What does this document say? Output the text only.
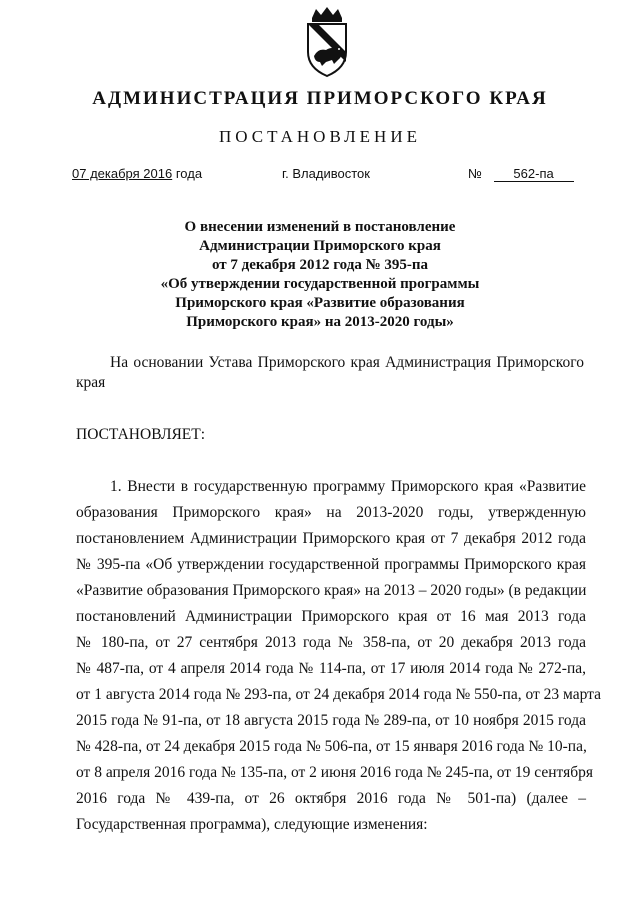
АДМИНИСТРАЦИЯ ПРИМОРСКОГО КРАЯ
ПОСТАНОВЛЕНИЕ
07 декабря 2016 года	г. Владивосток	№ 562-па
О внесении изменений в постановление
Администрации Приморского края
от 7 декабря 2012 года № 395-па
«Об утверждении государственной программы
Приморского края «Развитие образования
Приморского края» на 2013-2020 годы»
На основании Устава Приморского края Администрация Приморского края
ПОСТАНОВЛЯЕТ:
1. Внести в государственную программу Приморского края «Развитие
образования Приморского края» на 2013-2020 годы, утвержденную
постановлением Администрации Приморского края от 7 декабря 2012 года
№ 395-па «Об утверждении государственной программы Приморского края
«Развитие образования Приморского края» на 2013 – 2020 годы» (в редакции
постановлений Администрации Приморского края от 16 мая 2013 года
№ 180-па, от 27 сентября 2013 года № 358-па, от 20 декабря 2013 года
№ 487-па, от 4 апреля 2014 года № 114-па, от 17 июля 2014 года № 272-па,
от 1 августа 2014 года № 293-па, от 24 декабря 2014 года № 550-па, от 23 марта
2015 года № 91-па, от 18 августа 2015 года № 289-па, от 10 ноября 2015 года
№ 428-па, от 24 декабря 2015 года № 506-па, от 15 января 2016 года № 10-па,
от 8 апреля 2016 года № 135-па, от 2 июня 2016 года № 245-па, от 19 сентября
2016 года № 439-па, от 26 октября 2016 года № 501-па) (далее –
Государственная программа), следующие изменения:
